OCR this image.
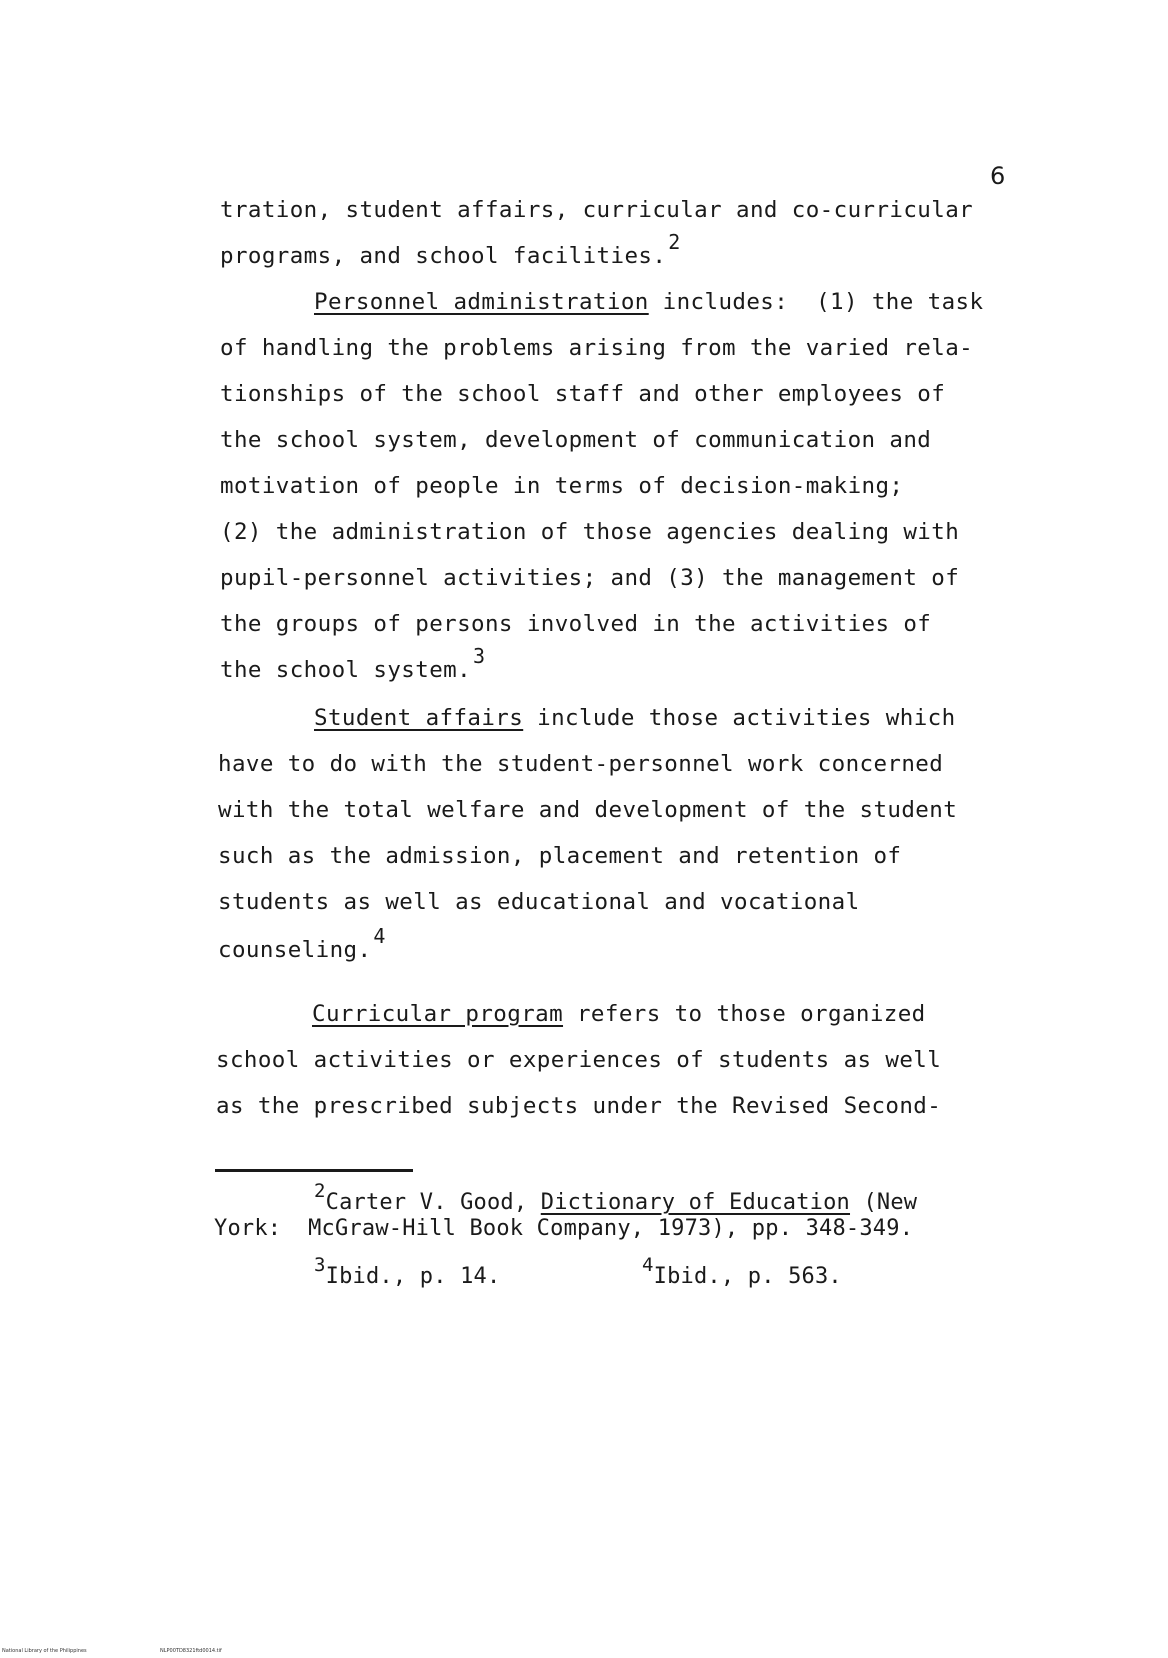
6
tration, student affairs, curricular and co-curricular
programs, and school facilities.2
Personnel administration includes:  (1) the task
of handling the problems arising from the varied rela-
tionships of the school staff and other employees of
the school system, development of communication and
motivation of people in terms of decision-making;
(2) the administration of those agencies dealing with
pupil-personnel activities; and (3) the management of
the groups of persons involved in the activities of
the school system.3
Student affairs include those activities which
have to do with the student-personnel work concerned
with the total welfare and development of the student
such as the admission, placement and retention of
students as well as educational and vocational
counseling.4
Curricular program refers to those organized
school activities or experiences of students as well
as the prescribed subjects under the Revised Second-
2Carter V. Good, Dictionary of Education (New
York:  McGraw-Hill Book Company, 1973), pp. 348-349.
3Ibid., p. 14.	4Ibid., p. 563.
National Library of the Philippines	NLP00TD8321ftd0014.tif
